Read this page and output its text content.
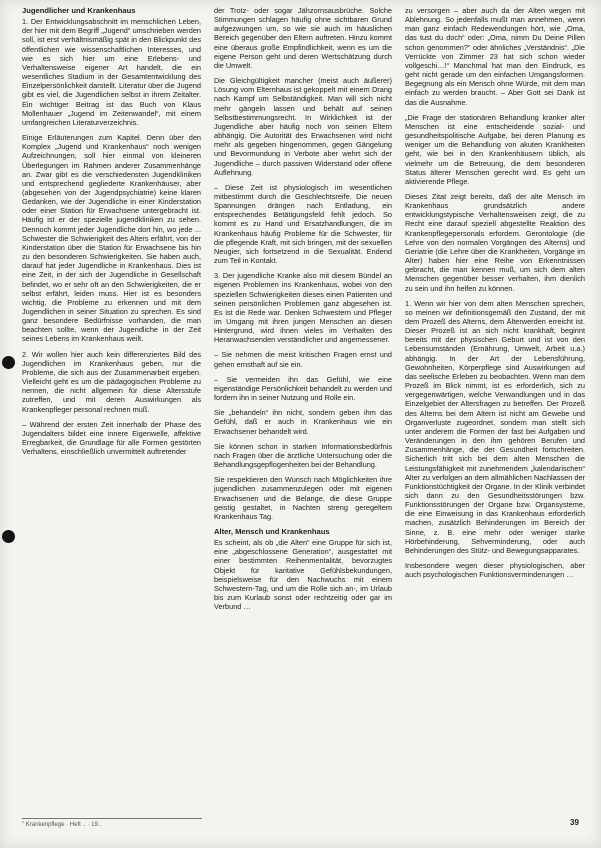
Jugendlicher und Krankenhaus

1. Der Entwicklungsabschnitt im menschlichen Leben, der hier mit dem Begriff „Jugend“ umschrieben werden soll, ist erst verhältnismäßig spät in den Blickpunkt des öffentlichen wie wissenschaftlichen Interesses, und wie es sich hier um eine Erlebens- und Verhaltensweise eigener Art handelt, die ein wesentliches Stadium in der Gesamtentwicklung des Einzelpersönlichkeit darstellt. Literatur über die Jugend gibt es viel, die Jugendlichen selbst in ihrem Zeitalter. Ein wichtiger Beitrag ist das Buch von Klaus Mollenhauer „Jugend im Zeitenwandel“, mit einem umfangreichen Literaturverzeichnis.

Einige Erläuterungen zum Kapitel. Denn über den Komplex „Jugend und Krankenhaus“ noch wenigen Aufzeichnungen, soll hier einmal von kleineren Überlegungen im Rahmen anderer Zusammenhänge an. Zwar gibt es die verschiedensten Jugendkliniken und entsprechend gegliederte Krankenhäuser, aber (abgesehen von der Jugendpsychiatrie) keine klaren Gedanken, wie der Jugendliche in einer Kinderstation oder einer Station für Erwachsene untergebracht ist. Häufig ist er der spezielle jugendkliniken zu sehen. Dennoch kommt jeder Jugendliche dort hin, wo jede ... Schwester die Schwierigkeit des Alters erfährt, von der Kinderstation über die Station für Erwachsene bis hin zu den besonderen Schwierigkeiten. Sie haben auch, darauf hat jeder Jugendliche in Krankenhaus. Dies ist eine Zeit, in der sich der Jugendliche in Gesellschaft befindet, wo er sehr oft an den Schwierigkeiten, die er selbst erfährt, leiden muss. Hier ist es besonders wichtig, die Probleme zu erkennen und mit dem Jugendlichen in seiner Situation zu sprechen. Es sind ganz besondere Bedürfnisse vorhanden, die man beachten sollte, wenn der Jugendliche in der Zeit seines Lebens im Krankenhaus weilt.

2. Wir wollen hier auch kein differenziertes Bild des Jugendlichen im Krankenhaus geben, nur die Probleme, die sich aus der Zusammenarbeit ergeben. Vielleicht geht es um die pädagogischen Probleme zu nennen, die nicht allgemein für diese Altersstufe zutreffen, und mit deren Auswirkungen als Krankenpfleger personal rechnen muß.

– Während der ersten Zeit innerhalb der Phase des Jugendalters bildet eine innere Eigenwelle, affektive Erregbarkeit, die Grundlage für alle Formen gestörten Verhaltens, einschließlich unvermittelt auftretender

der Trotz- oder sogar Jähzornsausbrüche. Solche Stimmungen schlagen häufig ohne sichtbaren Grund aufgezwungen um, so wie sie auch im häuslichen Bereich gegenüber den Eltern auftreten. Hinzu kommt eine überaus große Empfindlichkeit, wenn es um die eigene Person geht und deren Wertschätzung durch die Umwelt.

Die Gleichgültigkeit mancher (meist auch äußerer) Lösung vom Elternhaus ist gekoppelt mit einem Drang nach Kampf um Selbständigkeit. Man will sich nicht mehr gängeln lassen und behält auf seinen Selbstbestimmungsrecht. In Wirklichkeit ist der Jugendliche aber häufig noch von seinen Eltern abhängig. Die Autorität des Erwachsenen wird nicht mehr als gegeben hingenommen, gegen Gängelung und Bevormundung in Verbote aber wehrt sich der Jugendliche – durch passiven Widerstand oder offene Auflehnung.

– Diese Zeit ist physiologisch im wesentlichen mitbestimmt durch die Geschlechtsreife. Die neuen Spannungen drängen nach Entladung, ein entsprechendes Betätigungsfeld fehlt jedoch. So kommt es zu Hand und Ersatzhandlungen, die im Krankenhaus häufig Probleme für die Schwester, für die pflegende Kraft, mit sich bringen, mit der sexuellen Neugier, sich fortsetzend in die Sexualität. Endend zum Teil in Kontakt.

3. Der jugendliche Kranke also mit diesem Bündel an eigenen Problemen ins Krankenhaus, wobei von den speziellen Schwierigkeiten dieses einen Patienten und seinen persönlichen Problemen ganz abgesehen ist. Es ist die Rede war. Denken Schwestern und Pfleger im Umgang mit ihren jungen Menschen an diesen Hintergrund, wird ihnen vieles im Verhalten des Heranwachsenden verständlicher und angemessener.

– Sie nehmen die meist kritischen Fragen ernst und gehen ernsthaft auf sie ein.

– Sie vermeiden ihn das Gefühl, wie eine eigenständige Persönlichkeit behandelt zu werden und fordern ihn in seiner Nutzung und Rolle ein.

Sie „behandeln“ ihn nicht, sondern geben ihm das Gefühl, daß er auch in Krankenhaus wie ein Erwachsener behandelt wird.

Sie können schon in starken Informationsbedürfnis nach Fragen über die ärztliche Untersuchung oder die Behandlungsgepflogenheiten bei der Behandlung.

Sie respektieren den Wunsch nach Möglichkeiten ihre jugendlichen zusammenzulegen oder mit eigenen Erwachsenen und die Belange, die diese Gruppe geistig gestaltet, in Nachten streng geregeltem Krankenhaus Tag.

Alter, Mensch und Krankenhaus

Es scheint, als ob „die Alten“ eine Gruppe für sich ist, eine „abgeschlossene Generation“, ausgestattet mit einer bestimmten Reihenmentalität, bevorzugtes Objekt für karitative Gefühlsbekundungen, beispielsweise für den Nachwuchs mit einem Schwestern-Tag, und um die Rolle sich an-, im Urlaub bis zum Kurlaub sonst oder rechtzeitig oder gar im Verbund …

zu versorgen – aber auch da der Alten wegen mit Ablehnung. So jedenfalls mußt man annehmen, wenn man ganz einfach Redewendungen hört, wie „Oma, das tust du doch“ oder: „Oma, nimm Du Deine Pillen schon genommen?“ oder ähnliches „Verständnis“. „Die Verrückte von Zimmer 23 hat sich schon wieder vollgeschi…!“ Manchmal hat man den Eindruck, es geht nicht gerade um den einfachen Umgangsformen. Begegnung als ein Mensch ohne Würde, mit dem man einfach zu werden braucht. – Aber Gott sei Dank ist das die Ausnahme.

„Die Frage der stationären Behandlung kranker alter Menschen ist eine entscheidende sozial- und gesundheitspolitische Aufgabe, bei deren Planung es weniger um die Behandlung von akuten Krankheiten geht, wie bei in den Krankenhäusern üblich, als vielmehr um die Betreuung, die dem besonderen Status älterer Menschen gerecht wird. Es geht um aktivierende Pflege.

Dieses Zitat zeigt bereits, daß der alte Mensch im Krankenhaus grundsätzlich andere entwicklungstypische Verhaltensweisen zeigt, die zu Recht eine darauf speziell abgestellte Reaktion des Krankenpflegepersonals erfordern. Gerontologie (die Lehre von den normalen Vorgängen des Alterns) und Geriatrie (die Lehre über die Krankheiten, Vorgänge im Alter) haben hier eine Reihe von Erkenntnissen gebracht, die man kennen muß, um sich dem alten Menschen gegenüber besser verhalten, ihm dienlich zu sein und ihn helfen zu können.

1. Wenn wir hier von dem alten Menschen sprechen, so meinen wir definitionsgemäß den Zustand, der mit dem Prozeß des Alterns, dem Älterwerden erreicht ist. Dieser Prozeß ist an sich nicht krankhaft, beginnt bereits mit der physischen Geburt und ist von den Lebensumständen (Ernährung, Umwelt, Arbeit u.a.) abhängig. In der Art der Lebensführung, Gewohnheiten, Körperpflege sind Auswirkungen auf das seelische Erleben zu beobachten. Wenn man dem Prozeß im Blick nimmt, ist es erforderlich, sich zu vergegenwärtigen, welche Verwandlungen und in das Einzelgebiet der Altersfragen zu betreffen. Der Prozeß des Alterns bei dem Altern ist nicht am Gewebe und Organverluste zugeordnet, sondern man stellt sich unter anderem die Formen der fast bei Aufgaben und Veränderungen in den ihm gehören Berufen und Zusammenhänge, die der Gesundheit fortschreiten. Sicherlich tritt sich bei dem alten Menschen die Leistungsfähigkeit mit zunehmendem „kalendarischen“ Alter zu verfolgen an dem allmählichen Nachlassen der Funktionstüchtigkeit der Organe. In der Klinik verbindet sich dann zu den Gesundheitsstörungen bzw. Funktionsstörungen der Organe bzw. Organsysteme, die eine Einweisung in das Krankenhaus erforderlich machen, zusätzlich Behinderungen im Bereich der Sinne, z. B. eine mehr oder weniger starke Hörbehinderung, Sehverminderung, oder auch Behinderungen des Stütz- und Bewegungsapparates.

Insbesondere wegen dieser physiologischen, aber auch psychologischen Funktionsverminderungen …

" Krankenpflege · Heft .. · 19..	39
